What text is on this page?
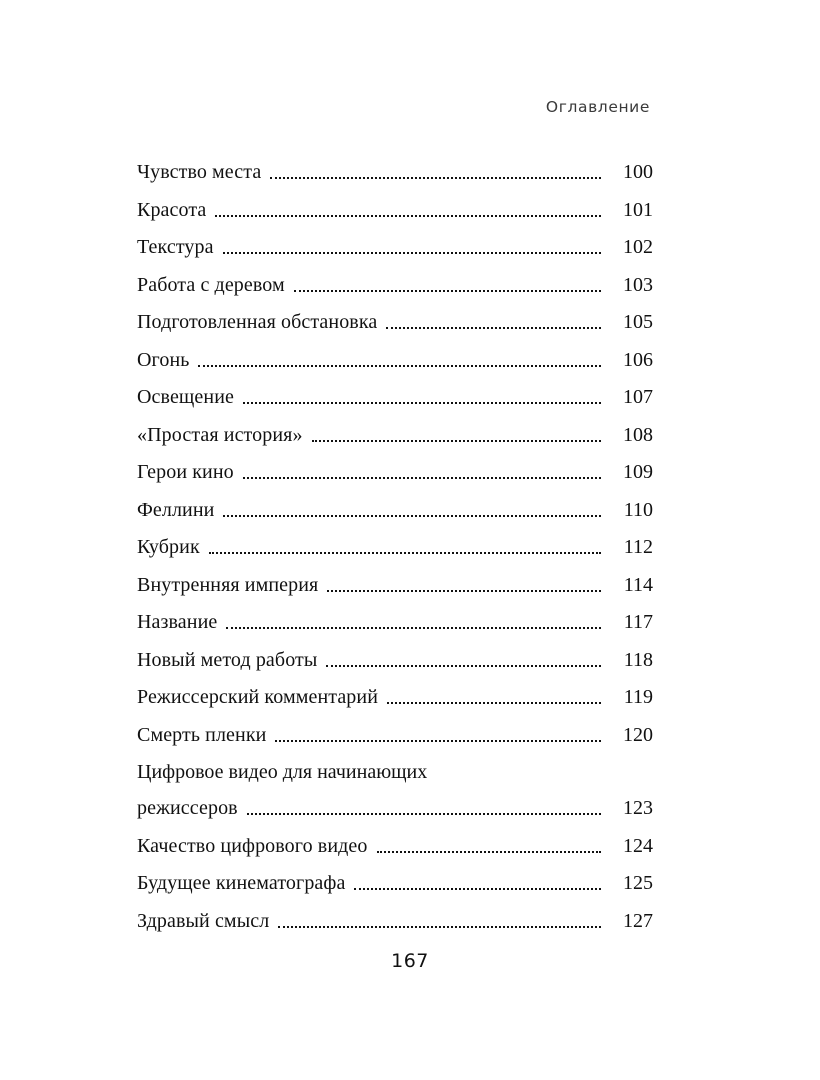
Оглавление
Чувство места	100
Красота	101
Текстура	102
Работа с деревом	103
Подготовленная обстановка	105
Огонь	106
Освещение	107
«Простая история»	108
Герои кино	109
Феллини	110
Кубрик	112
Внутренняя империя	114
Название	117
Новый метод работы	118
Режиссерский комментарий	119
Смерть пленки	120
Цифровое видео для начинающих
режиссеров	123
Качество цифрового видео	124
Будущее кинематографа	125
Здравый смысл	127
167
